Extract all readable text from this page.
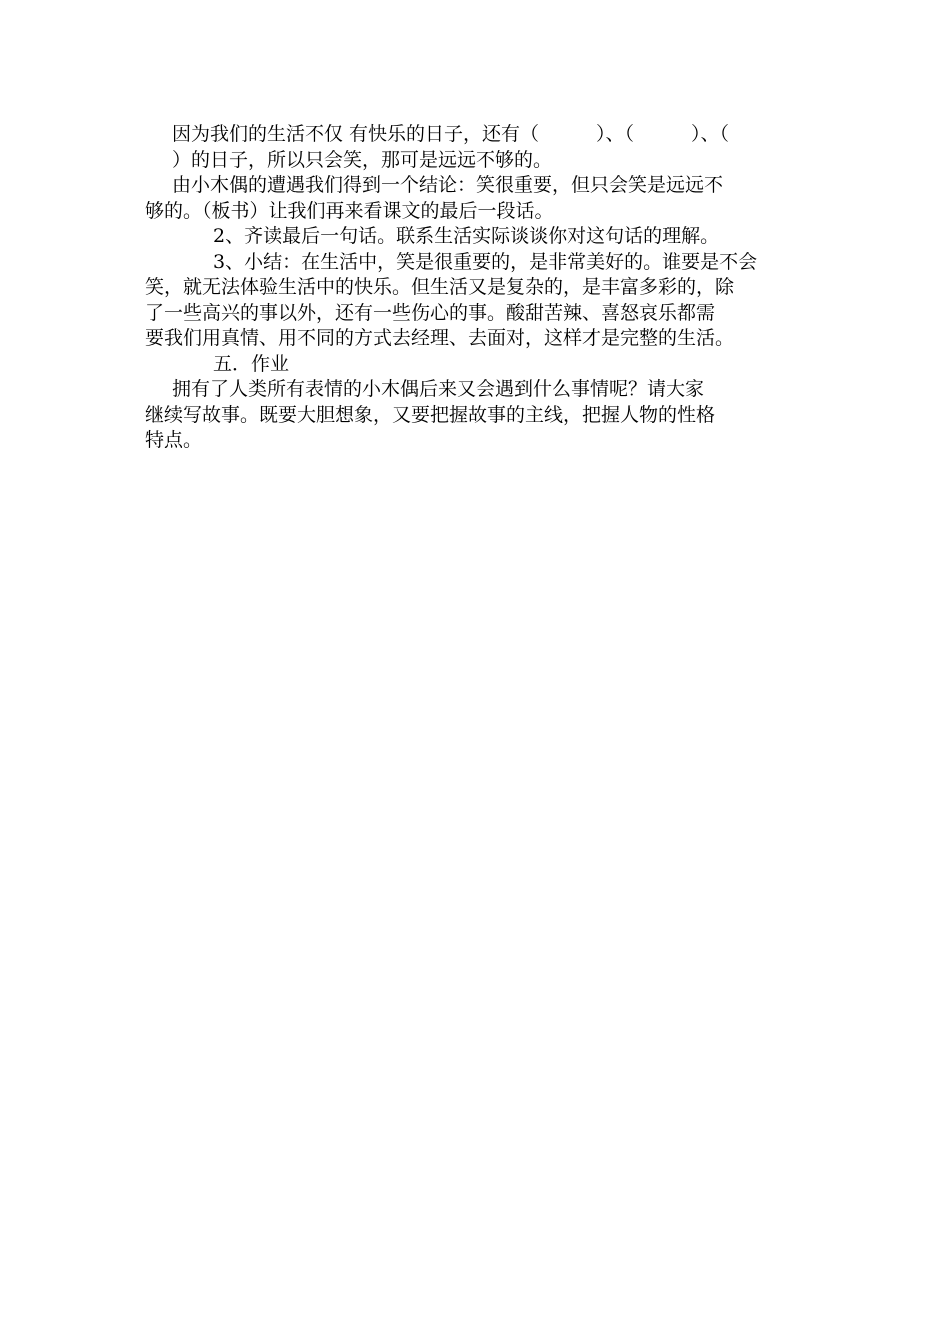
因为我们的生活不仅 有快乐的日子，还有（　　　）、（　　　）、（
）的日子，所以只会笑，那可是远远不够的。
由小木偶的遭遇我们得到一个结论：笑很重要，但只会笑是远远不
够的。（板书）让我们再来看课文的最后一段话。
2、齐读最后一句话。联系生活实际谈谈你对这句话的理解。
3、小结：在生活中，笑是很重要的，是非常美好的。谁要是不会
笑，就无法体验生活中的快乐。但生活又是复杂的，是丰富多彩的，除
了一些高兴的事以外，还有一些伤心的事。酸甜苦辣、喜怒哀乐都需
要我们用真情、用不同的方式去经理、去面对，这样才是完整的生活。
五．作业
拥有了人类所有表情的小木偶后来又会遇到什么事情呢？请大家
继续写故事。既要大胆想象，又要把握故事的主线，把握人物的性格
特点。
